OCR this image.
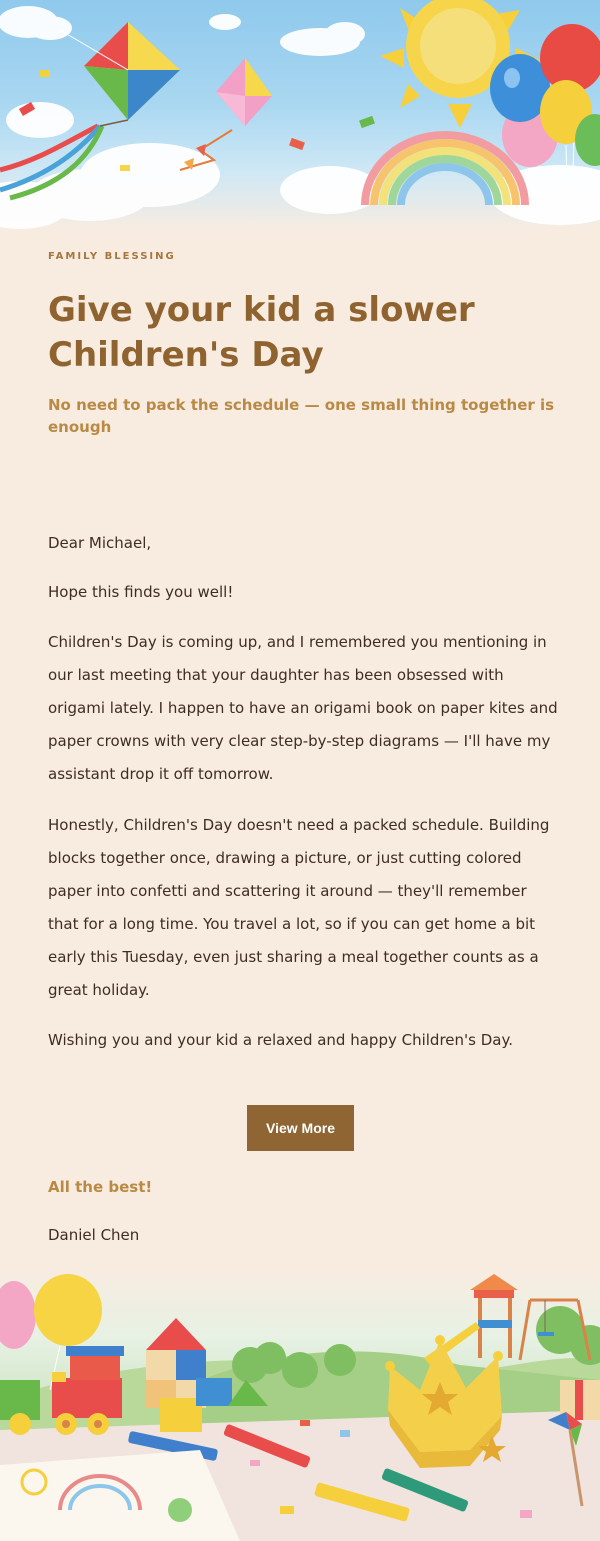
FAMILY BLESSING

Give your kid a slower Children's Day

No need to pack the schedule — one small thing together is enough

Dear Michael,

Hope this finds you well!

Children's Day is coming up, and I remembered you mentioning in our last meeting that your daughter has been obsessed with origami lately. I happen to have an origami book on paper kites and paper crowns with very clear step-by-step diagrams — I'll have my assistant drop it off tomorrow.

Honestly, Children's Day doesn't need a packed schedule. Building blocks together once, drawing a picture, or just cutting colored paper into confetti and scattering it around — they'll remember that for a long time. You travel a lot, so if you can get home a bit early this Tuesday, even just sharing a meal together counts as a great holiday.

Wishing you and your kid a relaxed and happy Children's Day.

View More

All the best!

Daniel Chen
